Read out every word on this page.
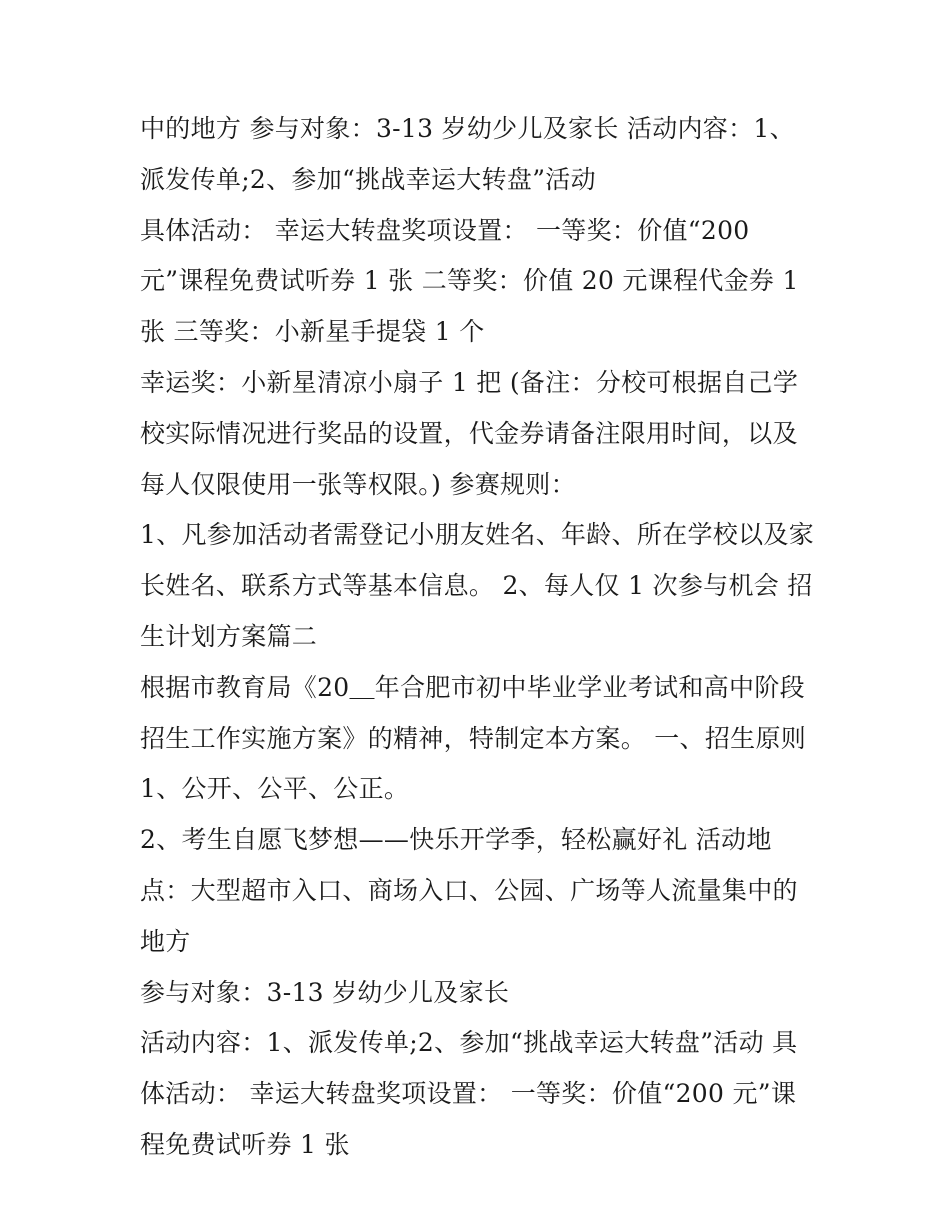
中的地方 参与对象：3-13 岁幼少儿及家长 活动内容：1、派发传单;2、参加“挑战幸运大转盘”活动

具体活动： 幸运大转盘奖项设置： 一等奖：价值“200 元”课程免费试听券 1 张 二等奖：价值 20 元课程代金券 1 张 三等奖：小新星手提袋 1 个

幸运奖：小新星清凉小扇子 1 把 (备注：分校可根据自己学校实际情况进行奖品的设置，代金券请备注限用时间，以及每人仅限使用一张等权限。) 参赛规则：

1、凡参加活动者需登记小朋友姓名、年龄、所在学校以及家长姓名、联系方式等基本信息。 2、每人仅 1 次参与机会 招生计划方案篇二

根据市教育局《20＿年合肥市初中毕业学业考试和高中阶段招生工作实施方案》的精神，特制定本方案。 一、招生原则 1、公开、公平、公正。

2、考生自愿飞梦想——快乐开学季，轻松赢好礼 活动地点：大型超市入口、商场入口、公园、广场等人流量集中的地方

参与对象：3-13 岁幼少儿及家长

活动内容：1、派发传单;2、参加“挑战幸运大转盘”活动 具体活动： 幸运大转盘奖项设置： 一等奖：价值“200 元”课程免费试听券 1 张
